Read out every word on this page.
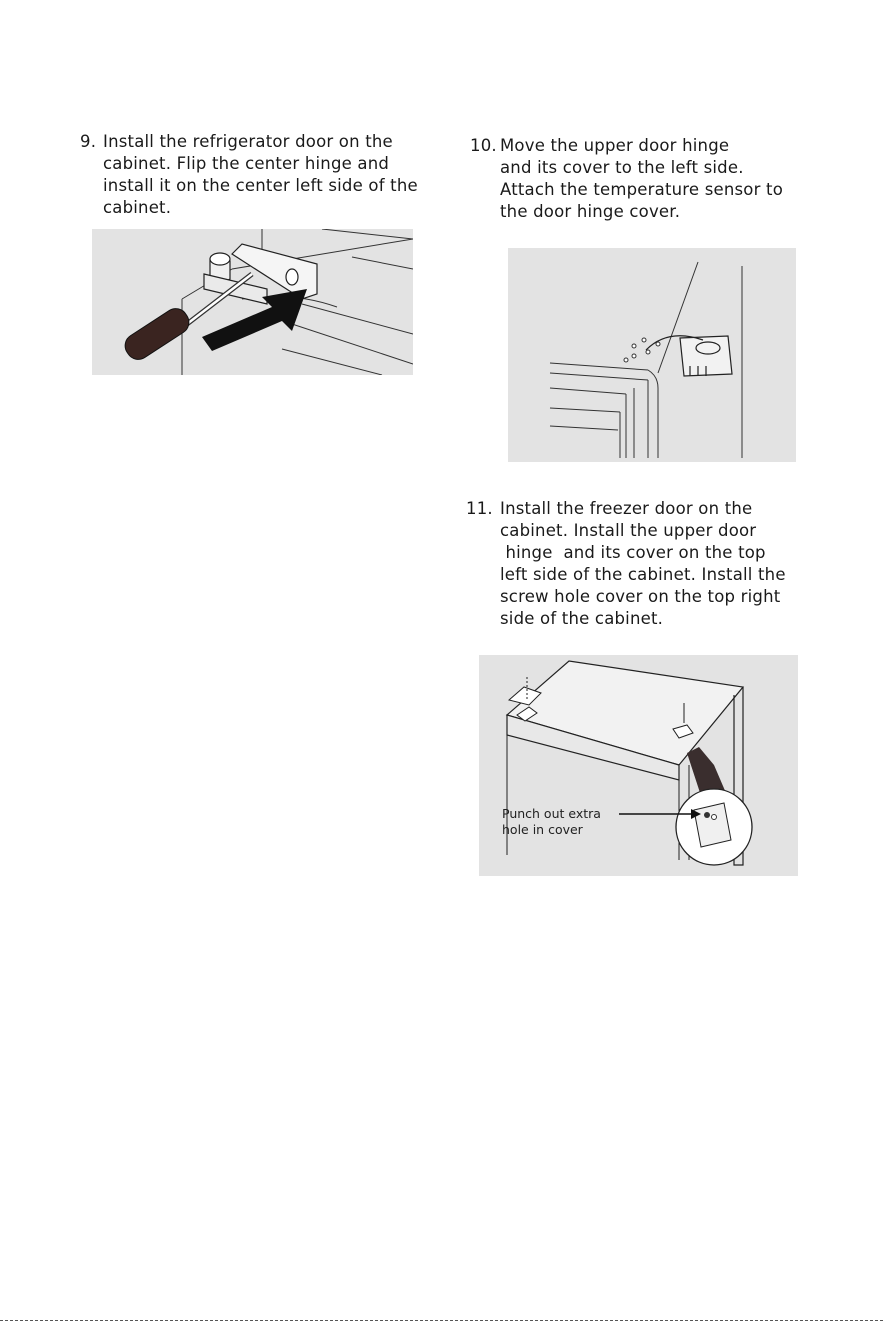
9. Install the refrigerator door on the
cabinet. Flip the center hinge and
install it on the center left side of the
cabinet.
10. Move the upper door hinge
and its cover to the left side.
Attach the temperature sensor to
the door hinge cover.
11. Install the freezer door on the
cabinet. Install the upper door
hinge  and its cover on the top
left side of the cabinet. Install the
screw hole cover on the top right
side of the cabinet.
Punch out extra
hole in cover
